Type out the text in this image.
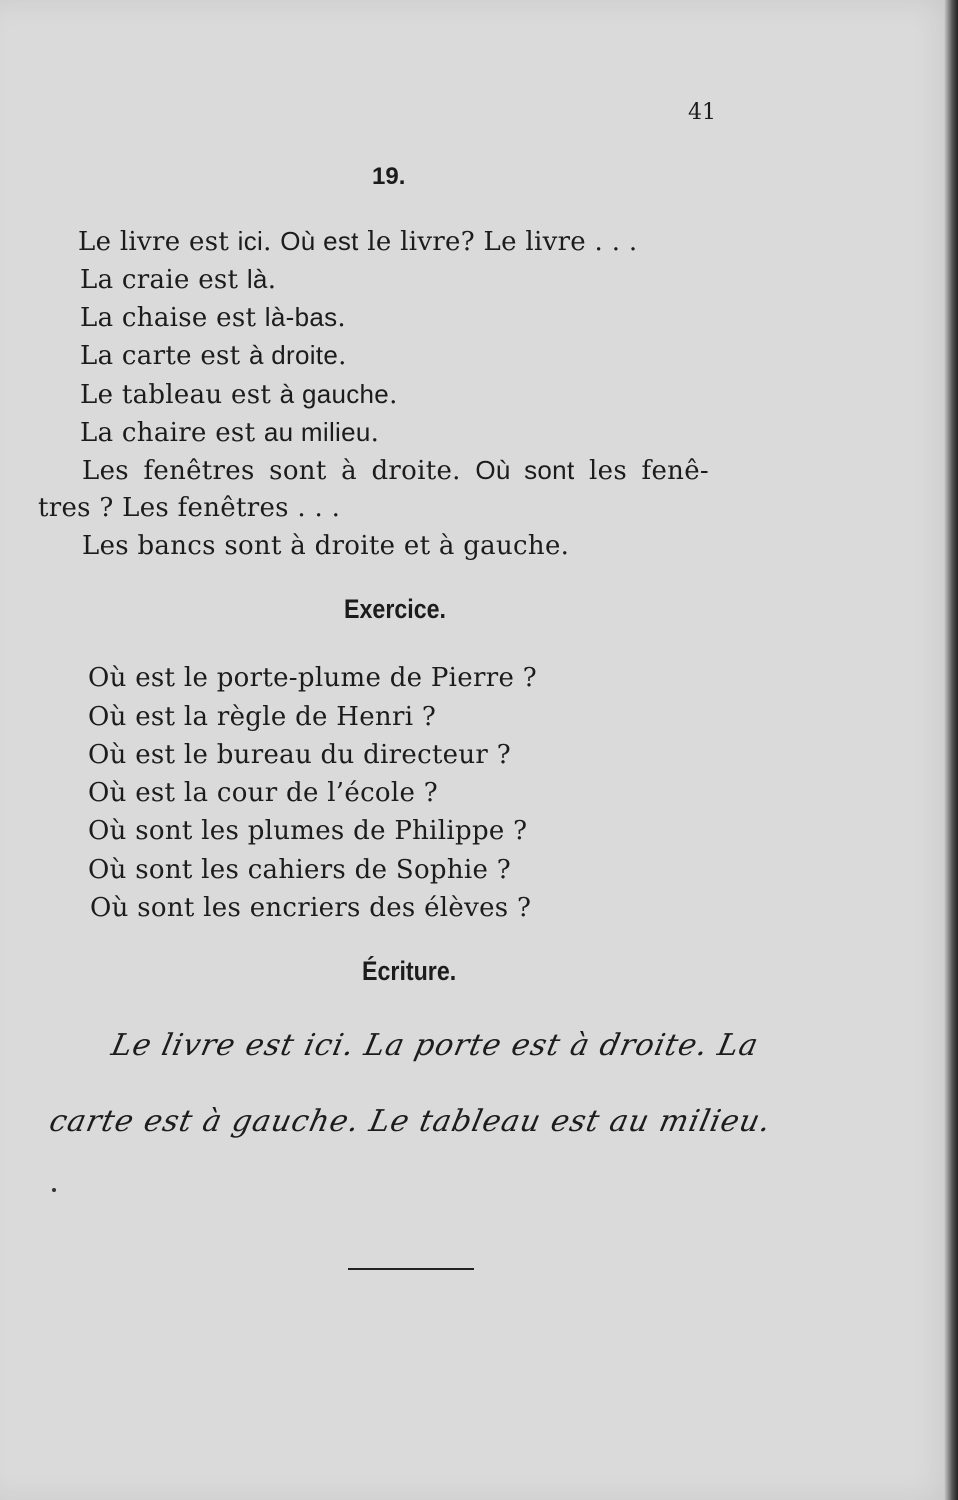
41
19.
Le livre est ici. Où est le livre? Le livre . . .
La craie est là.
La chaise est là-bas.
La carte est à droite.
Le tableau est à gauche.
La chaire est au milieu.
Les fenêtres sont à droite. Où sont les fenê-
tres ? Les fenêtres . . .
Les bancs sont à droite et à gauche.
Exercice.
Où est le porte-plume de Pierre ?
Où est la règle de Henri ?
Où est le bureau du directeur ?
Où est la cour de l’école ?
Où sont les plumes de Philippe ?
Où sont les cahiers de Sophie ?
Où sont les encriers des élèves ?
Écriture.
Le livre est ici. La porte est à droite. La
carte est à gauche. Le tableau est au milieu.
